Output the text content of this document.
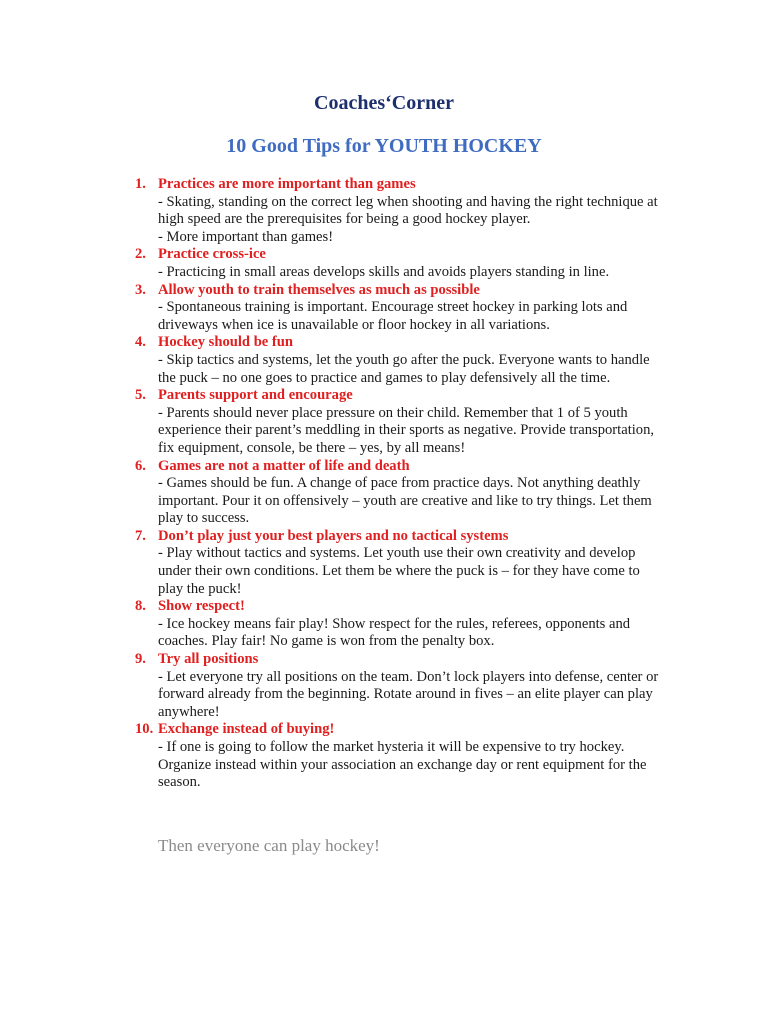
Coaches‘Corner
10 Good Tips for YOUTH HOCKEY
1. Practices are more important than games
- Skating, standing on the correct leg when shooting and having the right technique at high speed are the prerequisites for being a good hockey player.
- More important than games!
2. Practice cross-ice
- Practicing in small areas develops skills and avoids players standing in line.
3. Allow youth to train themselves as much as possible
- Spontaneous training is important. Encourage street hockey in parking lots and driveways when ice is unavailable or floor hockey in all variations.
4. Hockey should be fun
- Skip tactics and systems, let the youth go after the puck. Everyone wants to handle the puck – no one goes to practice and games to play defensively all the time.
5. Parents support and encourage
- Parents should never place pressure on their child. Remember that 1 of 5 youth experience their parent’s meddling in their sports as negative. Provide transportation, fix equipment, console, be there – yes, by all means!
6. Games are not a matter of life and death
- Games should be fun. A change of pace from practice days. Not anything deathly important. Pour it on offensively – youth are creative and like to try things. Let them play to success.
7. Don’t play just your best players and no tactical systems
- Play without tactics and systems. Let youth use their own creativity and develop under their own conditions. Let them be where the puck is – for they have come to play the puck!
8. Show respect!
- Ice hockey means fair play! Show respect for the rules, referees, opponents and coaches. Play fair! No game is won from the penalty box.
9. Try all positions
- Let everyone try all positions on the team. Don’t lock players into defense, center or forward already from the beginning. Rotate around in fives – an elite player can play anywhere!
10. Exchange instead of buying!
- If one is going to follow the market hysteria it will be expensive to try hockey. Organize instead within your association an exchange day or rent equipment for the season.
Then everyone can play hockey!
